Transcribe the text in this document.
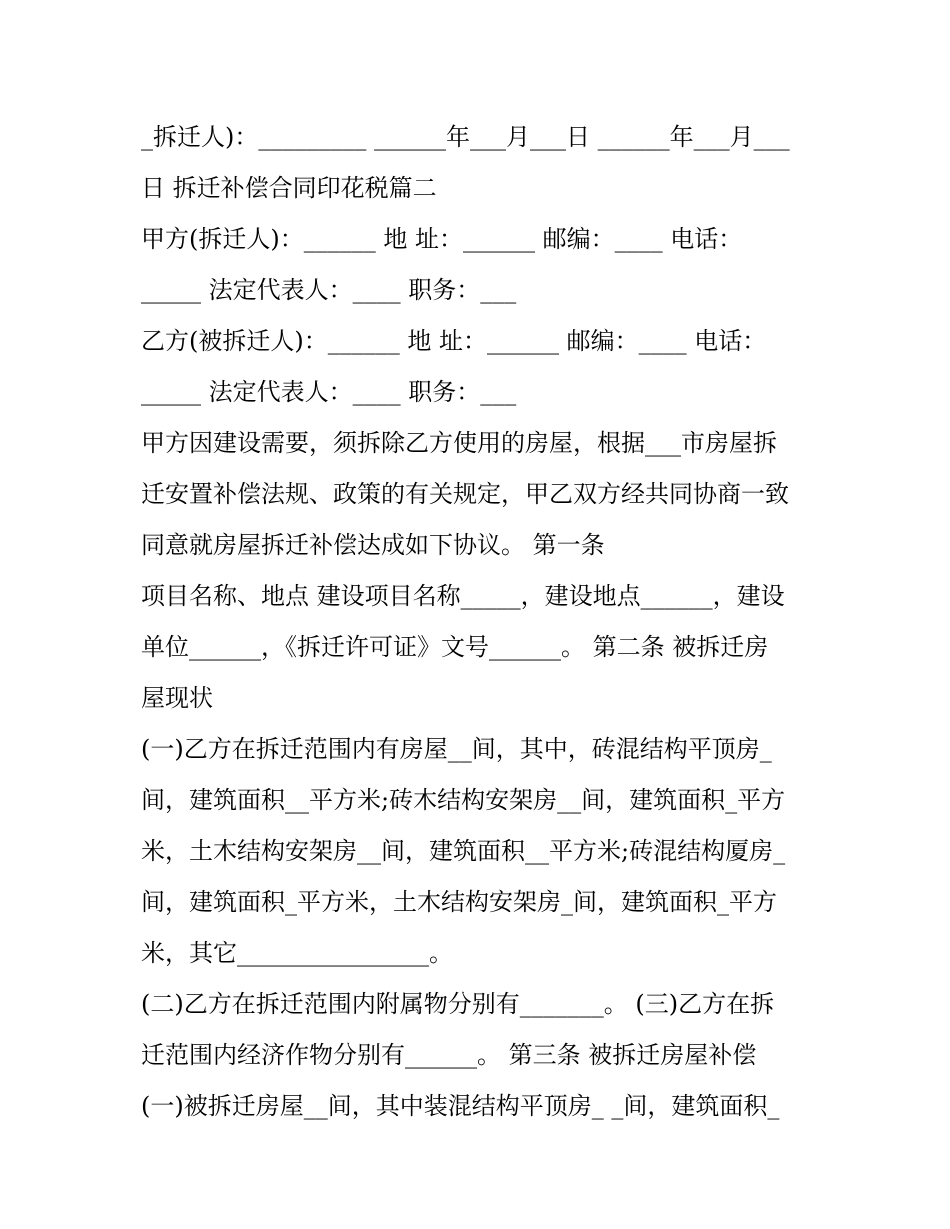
_拆迁人)：_________ ______年___月___日 ______年___月___
日 拆迁补偿合同印花税篇二
甲方(拆迁人)：______ 地 址：______ 邮编：____ 电话：
_____ 法定代表人：____ 职务：___
乙方(被拆迁人)：______ 地 址：______ 邮编：____ 电话：
_____ 法定代表人：____ 职务：___
甲方因建设需要，须拆除乙方使用的房屋，根据___市房屋拆
迁安置补偿法规、政策的有关规定，甲乙双方经共同协商一致
同意就房屋拆迁补偿达成如下协议。 第一条
项目名称、地点 建设项目名称_____，建设地点______，建设
单位______，《拆迁许可证》文号______。 第二条 被拆迁房
屋现状
(一)乙方在拆迁范围内有房屋__间，其中，砖混结构平顶房_
间，建筑面积__平方米;砖木结构安架房__间，建筑面积_平方
米，土木结构安架房__间，建筑面积__平方米;砖混结构厦房_
间，建筑面积_平方米，土木结构安架房_间，建筑面积_平方
米，其它________________。
(二)乙方在拆迁范围内附属物分别有_______。 (三)乙方在拆
迁范围内经济作物分别有______。 第三条 被拆迁房屋补偿
(一)被拆迁房屋__间，其中装混结构平顶房_ _间，建筑面积_
